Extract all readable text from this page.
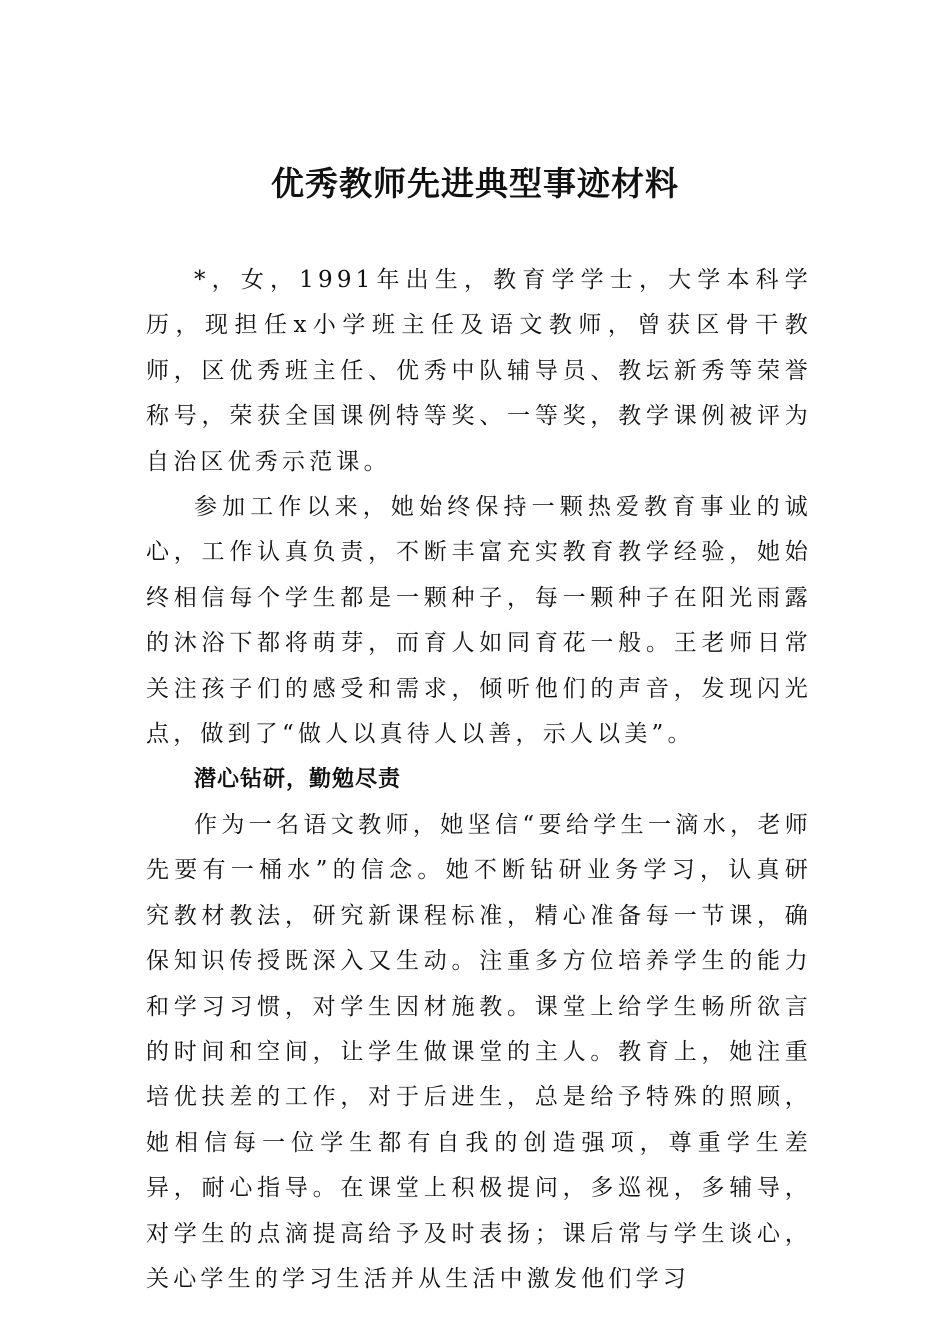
优秀教师先进典型事迹材料

*，女，1991年出生，教育学学士，大学本科学历，现担任x小学班主任及语文教师，曾获区骨干教师，区优秀班主任、优秀中队辅导员、教坛新秀等荣誉称号，荣获全国课例特等奖、一等奖，教学课例被评为自治区优秀示范课。

参加工作以来，她始终保持一颗热爱教育事业的诚心，工作认真负责，不断丰富充实教育教学经验，她始终相信每个学生都是一颗种子，每一颗种子在阳光雨露的沐浴下都将萌芽，而育人如同育花一般。王老师日常关注孩子们的感受和需求，倾听他们的声音，发现闪光点，做到了“做人以真待人以善，示人以美”。

潜心钻研，勤勉尽责

作为一名语文教师，她坚信“要给学生一滴水，老师先要有一桶水”的信念。她不断钻研业务学习，认真研究教材教法，研究新课程标准，精心准备每一节课，确保知识传授既深入又生动。注重多方位培养学生的能力和学习习惯，对学生因材施教。课堂上给学生畅所欲言的时间和空间，让学生做课堂的主人。教育上，她注重培优扶差的工作，对于后进生，总是给予特殊的照顾，她相信每一位学生都有自我的创造强项，尊重学生差异，耐心指导。在课堂上积极提问，多巡视，多辅导，对学生的点滴提高给予及时表扬；课后常与学生谈心，关心学生的学习生活并从生活中激发他们学习
